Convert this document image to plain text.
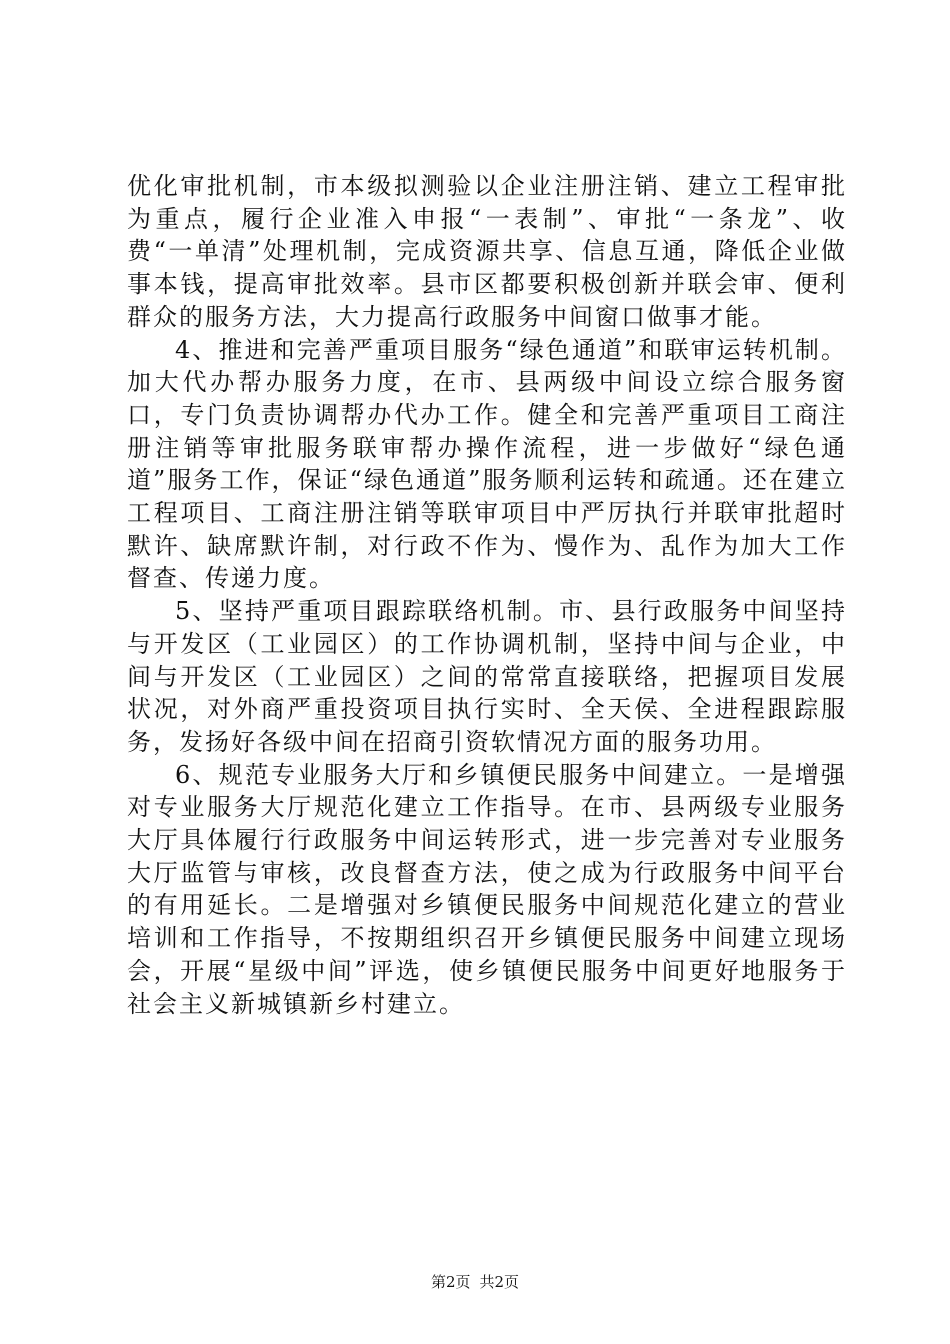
优化审批机制，市本级拟测验以企业注册注销、建立工程审批为重点，履行企业准入申报“一表制”、审批“一条龙”、收费“一单清”处理机制，完成资源共享、信息互通，降低企业做事本钱，提高审批效率。县市区都要积极创新并联会审、便利群众的服务方法，大力提高行政服务中间窗口做事才能。

4、推进和完善严重项目服务“绿色通道”和联审运转机制。加大代办帮办服务力度，在市、县两级中间设立综合服务窗口，专门负责协调帮办代办工作。健全和完善严重项目工商注册注销等审批服务联审帮办操作流程，进一步做好“绿色通道”服务工作，保证“绿色通道”服务顺利运转和疏通。还在建立工程项目、工商注册注销等联审项目中严厉执行并联审批超时默许、缺席默许制，对行政不作为、慢作为、乱作为加大工作督查、传递力度。

5、坚持严重项目跟踪联络机制。市、县行政服务中间坚持与开发区（工业园区）的工作协调机制，坚持中间与企业，中间与开发区（工业园区）之间的常常直接联络，把握项目发展状况，对外商严重投资项目执行实时、全天侯、全进程跟踪服务，发扬好各级中间在招商引资软情况方面的服务功用。

6、规范专业服务大厅和乡镇便民服务中间建立。一是增强对专业服务大厅规范化建立工作指导。在市、县两级专业服务大厅具体履行行政服务中间运转形式，进一步完善对专业服务大厅监管与审核，改良督查方法，使之成为行政服务中间平台的有用延长。二是增强对乡镇便民服务中间规范化建立的营业培训和工作指导，不按期组织召开乡镇便民服务中间建立现场会，开展“星级中间”评选，使乡镇便民服务中间更好地服务于社会主义新城镇新乡村建立。

第2页 共2页
